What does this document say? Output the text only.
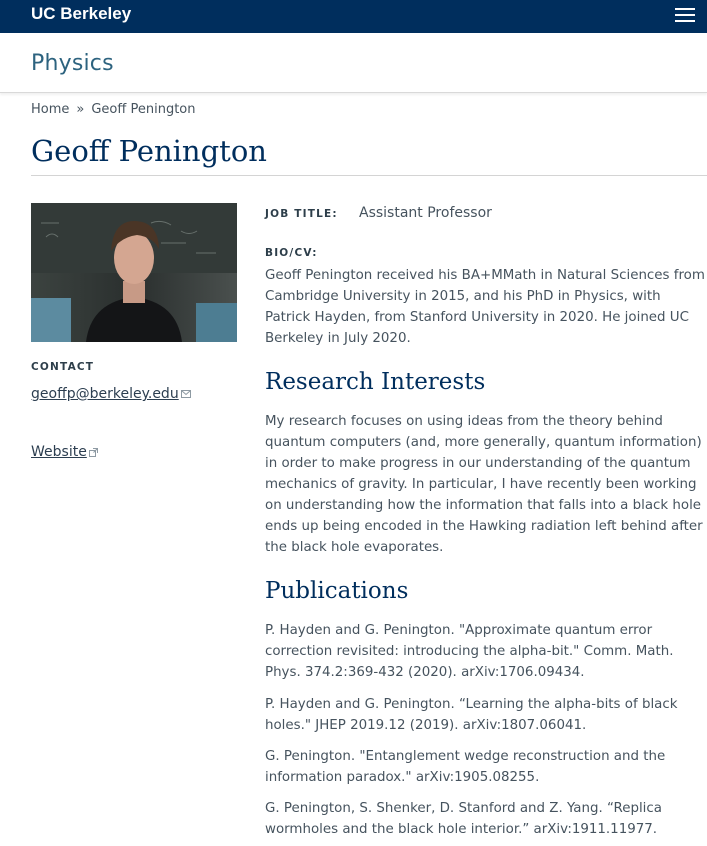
UC Berkeley
Physics
Home » Geoff Penington
Geoff Penington
CONTACT
geoffp@berkeley.edu
Website
JOB TITLE: Assistant Professor
BIO/CV:

Geoff Penington received his BA+MMath in Natural Sciences from Cambridge University in 2015, and his PhD in Physics, with Patrick Hayden, from Stanford University in 2020. He joined UC Berkeley in July 2020.

Research Interests

My research focuses on using ideas from the theory behind quantum computers (and, more generally, quantum information) in order to make progress in our understanding of the quantum mechanics of gravity. In particular, I have recently been working on understanding how the information that falls into a black hole ends up being encoded in the Hawking radiation left behind after the black hole evaporates.

Publications

P. Hayden and G. Penington. "Approximate quantum error correction revisited: introducing the alpha-bit." Comm. Math. Phys. 374.2:369-432 (2020). arXiv:1706.09434.

P. Hayden and G. Penington. “Learning the alpha-bits of black holes." JHEP 2019.12 (2019). arXiv:1807.06041.

G. Penington. "Entanglement wedge reconstruction and the information paradox." arXiv:1905.08255.

G. Penington, S. Shenker, D. Stanford and Z. Yang. “Replica wormholes and the black hole interior.” arXiv:1911.11977.
